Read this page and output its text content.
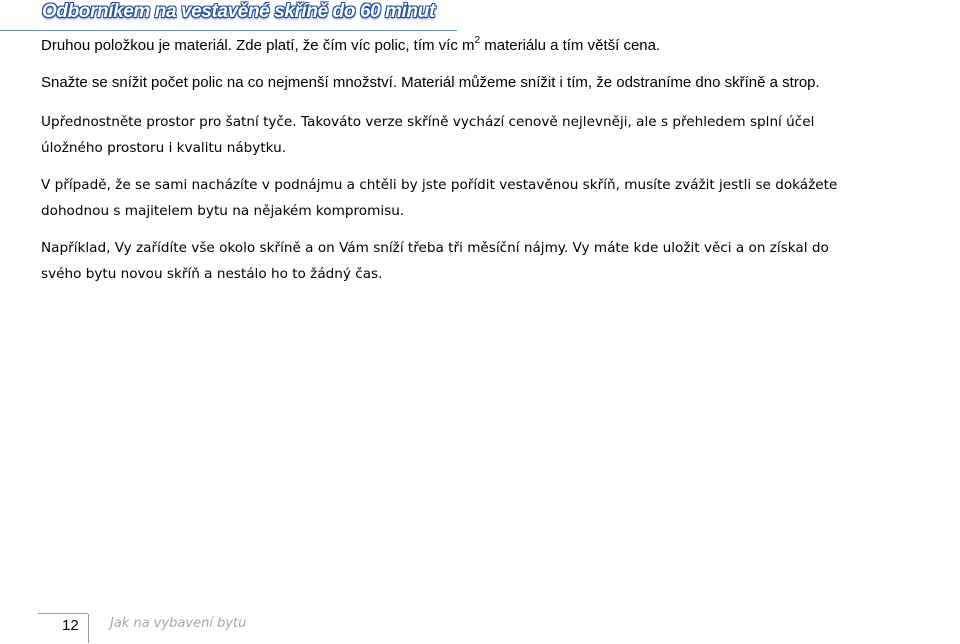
Odborníkem na vestavěné skříně do 60 minut

Druhou položkou je materiál. Zde platí, že čím víc polic, tím víc $m^2$ materiálu a tím větší cena.

Snažte se snížit počet polic na co nejmenší množství. Materiál můžeme snížit i tím, že odstraníme dno skříně a strop.

Upřednostněte prostor pro šatní tyče. Takováto verze skříně vychází cenově nejlevněji, ale s přehledem splní účel

úložného prostoru i kvalitu nábytku.

V případě, že se sami nacházíte v podnájmu a chtěli by jste pořídit vestavěnou skříň, musíte zvážit jestli se dokážete

dohodnou s majitelem bytu na nějakém kompromisu.

Například, Vy zařídíte vše okolo skříně a on Vám sníží třeba tři měsíční nájmy. Vy máte kde uložit věci a on získal do

svého bytu novou skříň a nestálo ho to žádný čas.

12 Jak na vybavení bytu
